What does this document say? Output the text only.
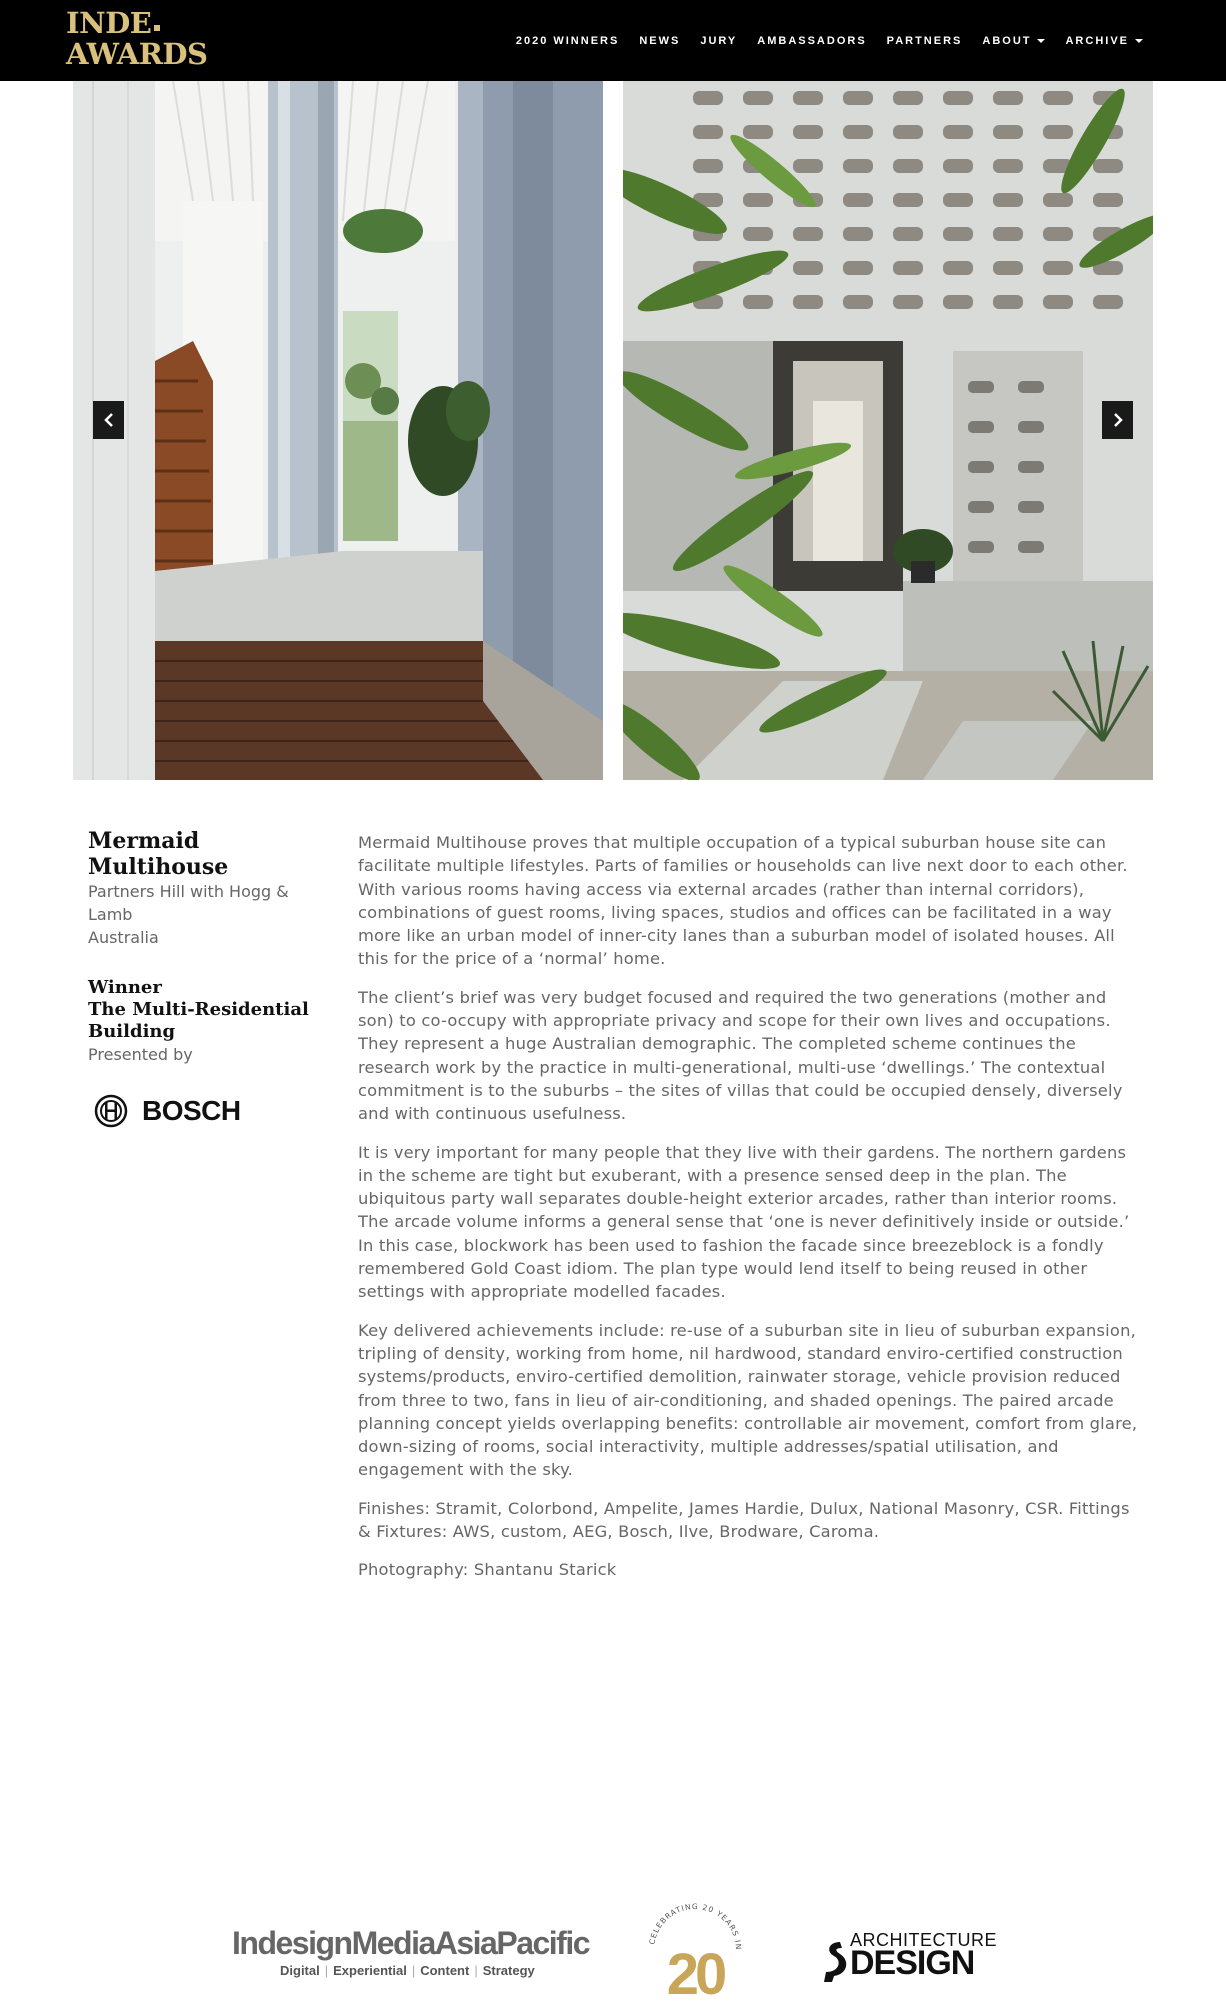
INDE
AWARDS	2020 WINNERS NEWS JURY AMBASSADORS PARTNERS ABOUT	ARCHIVE
Mermaid Multihouse

Partners Hill with Hogg & Lamb

Australia

Winner

The Multi-Residential Building

Presented by

BOSCH

Mermaid Multihouse proves that multiple occupation of a typical suburban house site can facilitate multiple lifestyles. Parts of families or households can live next door to each other. With various rooms having access via external arcades (rather than internal corridors), combinations of guest rooms, living spaces, studios and offices can be facilitated in a way more like an urban model of inner-city lanes than a suburban model of isolated houses. All this for the price of a ‘normal’ home.

The client’s brief was very budget focused and required the two generations (mother and son) to co-occupy with appropriate privacy and scope for their own lives and occupations. They represent a huge Australian demographic. The completed scheme continues the research work by the practice in multi-generational, multi-use ‘dwellings.’ The contextual commitment is to the suburbs – the sites of villas that could be occupied densely, diversely and with continuous usefulness.

It is very important for many people that they live with their gardens. The northern gardens in the scheme are tight but exuberant, with a presence sensed deep in the plan. The ubiquitous party wall separates double-height exterior arcades, rather than interior rooms. The arcade volume informs a general sense that ‘one is never definitively inside or outside.’ In this case, blockwork has been used to fashion the facade since breezeblock is a fondly remembered Gold Coast idiom. The plan type would lend itself to being reused in other settings with appropriate modelled facades.

Key delivered achievements include: re-use of a suburban site in lieu of suburban expansion, tripling of density, working from home, nil hardwood, standard enviro-certified construction systems/products, enviro-certified demolition, rainwater storage, vehicle provision reduced from three to two, fans in lieu of air-conditioning, and shaded openings. The paired arcade planning concept yields overlapping benefits: controllable air movement, comfort from glare, down-sizing of rooms, social interactivity, multiple addresses/spatial utilisation, and engagement with the sky.

Finishes: Stramit, Colorbond, Ampelite, James Hardie, Dulux, National Masonry, CSR. Fittings & Fixtures: AWS, custom, AEG, Bosch, Ilve, Brodware, Caroma.

Photography: Shantanu Starick

IndesignMediaAsiaPacific
Digital | Experiential | Content | Strategy
CELEBRATING 20 YEARS IN
20
ARCHITECTURE
DESIGN
